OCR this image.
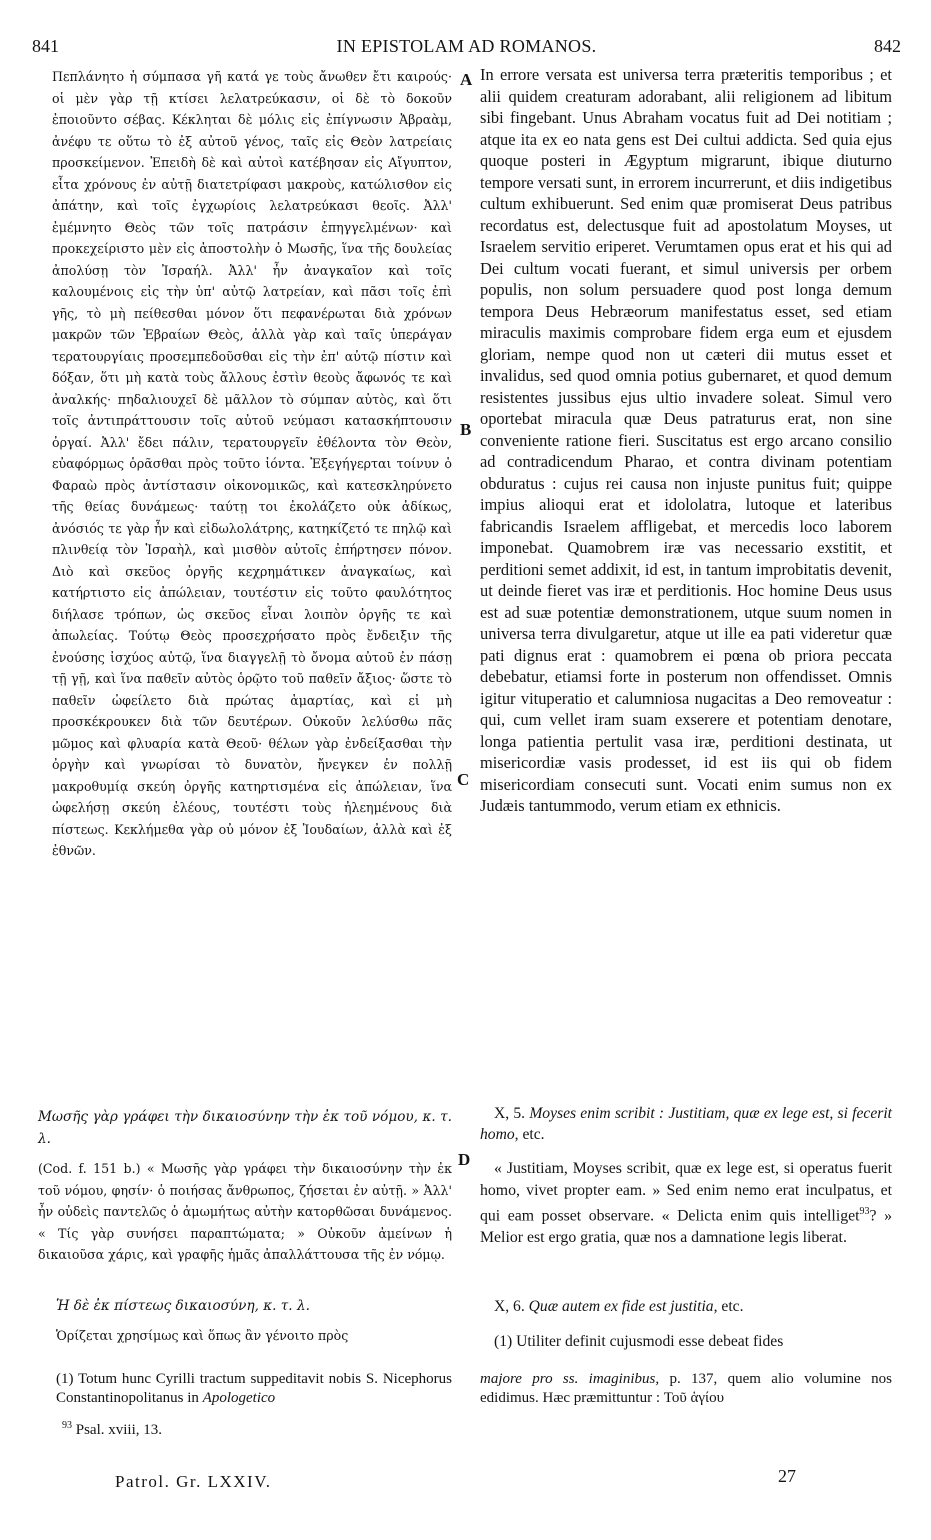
841	IN EPISTOLAM AD ROMANOS.	842
A
B
C
D

Πεπλάνητο ἡ σύμπασα γῆ κατά γε τοὺς ἄνωθεν ἔτι καιρούς· οἱ μὲν γὰρ τῇ κτίσει λελατρεύκασιν, οἱ δὲ τὸ δοκοῦν ἐποιοῦντο σέβας. Κέκληται δὲ μόλις εἰς ἐπίγνωσιν Ἀβραὰμ, ἀνέφυ τε οὕτω τὸ ἐξ αὐτοῦ γένος, ταῖς εἰς Θεὸν λατρείαις προσκείμενον. Ἐπειδὴ δὲ καὶ αὐτοὶ κατέβησαν εἰς Αἴγυπτον, εἶτα χρόνους ἐν αὐτῇ διατετρίφασι μακροὺς, κατώλισθον εἰς ἀπάτην, καὶ τοῖς ἐγχωρίοις λελατρεύκασι θεοῖς. Ἀλλ' ἐμέμνητο Θεὸς τῶν τοῖς πατράσιν ἐπηγγελμένων· καὶ προκεχείριστο μὲν εἰς ἀποστολὴν ὁ Μωσῆς, ἵνα τῆς δουλείας ἀπολύσῃ τὸν Ἰσραήλ. Ἀλλ' ἦν ἀναγκαῖον καὶ τοῖς καλουμένοις εἰς τὴν ὑπ' αὐτῷ λατρείαν, καὶ πᾶσι τοῖς ἐπὶ γῆς, τὸ μὴ πείθεσθαι μόνον ὅτι πεφανέρωται διὰ χρόνων μακρῶν τῶν Ἑβραίων Θεὸς, ἀλλὰ γὰρ καὶ ταῖς ὑπεράγαν τερατουργίαις προσεμπεδοῦσθαι εἰς τὴν ἐπ' αὐτῷ πίστιν καὶ δόξαν, ὅτι μὴ κατὰ τοὺς ἄλλους ἐστὶν θεοὺς ἄφωνός τε καὶ ἀναλκής· πηδαλιουχεῖ δὲ μᾶλλον τὸ σύμπαν αὐτὸς, καὶ ὅτι τοῖς ἀντιπράττουσιν τοῖς αὐτοῦ νεύμασι κατασκήπτουσιν ὀργαί. Ἀλλ' ἔδει πάλιν, τερατουργεῖν ἐθέλοντα τὸν Θεὸν, εὐαφόρμως ὁρᾶσθαι πρὸς τοῦτο ἰόντα. Ἐξεγήγερται τοίνυν ὁ Φαραὼ πρὸς ἀντίστασιν οἰκονομικῶς, καὶ κατεσκληρύνετο τῆς θείας δυνάμεως· ταύτῃ τοι ἐκολάζετο οὐκ ἀδίκως, ἀνόσιός τε γὰρ ἦν καὶ εἰδωλολάτρης, κατηκίζετό τε πηλῷ καὶ πλινθείᾳ τὸν Ἰσραὴλ, καὶ μισθὸν αὐτοῖς ἐπήρτησεν πόνον. Διὸ καὶ σκεῦος ὀργῆς κεχρημάτικεν ἀναγκαίως, καὶ κατήρτιστο εἰς ἀπώλειαν, τουτέστιν εἰς τοῦτο φαυλότητος διήλασε τρόπων, ὡς σκεῦος εἶναι λοιπὸν ὀργῆς τε καὶ ἀπωλείας. Τούτῳ Θεὸς προσεχρήσατο πρὸς ἔνδειξιν τῆς ἐνούσης ἰσχύος αὐτῷ, ἵνα διαγγελῇ τὸ ὄνομα αὐτοῦ ἐν πάσῃ τῇ γῇ, καὶ ἵνα παθεῖν αὐτὸς ὁρῷτο τοῦ παθεῖν ἄξιος· ὥστε τὸ παθεῖν ὠφείλετο διὰ πρώτας ἁμαρτίας, καὶ εἰ μὴ προσκέκρουκεν διὰ τῶν δευτέρων. Οὐκοῦν λελύσθω πᾶς μῶμος καὶ φλυαρία κατὰ Θεοῦ· θέλων γὰρ ἐνδείξασθαι τὴν ὀργὴν καὶ γνωρίσαι τὸ δυνατὸν, ἤνεγκεν ἐν πολλῇ μακροθυμίᾳ σκεύη ὀργῆς κατηρτισμένα εἰς ἀπώλειαν, ἵνα ὠφελήσῃ σκεύη ἐλέους, τουτέστι τοὺς ἠλεημένους διὰ πίστεως. Κεκλήμεθα γὰρ οὐ μόνον ἐξ Ἰουδαίων, ἀλλὰ καὶ ἐξ ἐθνῶν.

Μωσῆς γὰρ γράφει τὴν δικαιοσύνην τὴν ἐκ τοῦ νόμου, κ. τ. λ.

(Cod. f. 151 b.) « Μωσῆς γὰρ γράφει τὴν δικαιοσύνην τὴν ἐκ τοῦ νόμου, φησίν· ὁ ποιήσας ἄνθρωπος, ζήσεται ἐν αὐτῇ. » Ἀλλ' ἦν οὐδεὶς παντελῶς ὁ ἀμωμήτως αὐτὴν κατορθῶσαι δυνάμενος. « Τίς γὰρ συνήσει παραπτώματα; » Οὐκοῦν ἀμείνων ἡ δικαιοῦσα χάρις, καὶ γραφῆς ἡμᾶς ἀπαλλάττουσα τῆς ἐν νόμῳ.

Ἡ δὲ ἐκ πίστεως δικαιοσύνη, κ. τ. λ.

Ὁρίζεται χρησίμως καὶ ὅπως ἂν γένοιτο πρὸς

In errore versata est universa terra præteritis temporibus ; et alii quidem creaturam adorabant, alii religionem ad libitum sibi fingebant. Unus Abraham vocatus fuit ad Dei notitiam ; atque ita ex eo nata gens est Dei cultui addicta. Sed quia ejus quoque posteri in Ægyptum migrarunt, ibique diuturno tempore versati sunt, in errorem incurrerunt, et diis indigetibus cultum exhibuerunt. Sed enim quæ promiserat Deus patribus recordatus est, delectusque fuit ad apostolatum Moyses, ut Israelem servitio eriperet. Verumtamen opus erat et his qui ad Dei cultum vocati fuerant, et simul universis per orbem populis, non solum persuadere quod post longa demum tempora Deus Hebræorum manifestatus esset, sed etiam miraculis maximis comprobare fidem erga eum et ejusdem gloriam, nempe quod non ut cæteri dii mutus esset et invalidus, sed quod omnia potius gubernaret, et quod demum resistentes jussibus ejus ultio invadere soleat. Simul vero oportebat miracula quæ Deus patraturus erat, non sine conveniente ratione fieri. Suscitatus est ergo arcano consilio ad contradicendum Pharao, et contra divinam potentiam obduratus : cujus rei causa non injuste punitus fuit; quippe impius alioqui erat et idololatra, lutoque et lateribus fabricandis Israelem affligebat, et mercedis loco laborem imponebat. Quamobrem iræ vas necessario exstitit, et perditioni semet addixit, id est, in tantum improbitatis devenit, ut deinde fieret vas iræ et perditionis. Hoc homine Deus usus est ad suæ potentiæ demonstrationem, utque suum nomen in universa terra divulgaretur, atque ut ille ea pati videretur quæ pati dignus erat : quamobrem ei pœna ob priora peccata debebatur, etiamsi forte in posterum non offendisset. Omnis igitur vituperatio et calumniosa nugacitas a Deo removeatur : qui, cum vellet iram suam exserere et potentiam denotare, longa patientia pertulit vasa iræ, perditioni destinata, ut misericordiæ vasis prodesset, id est iis qui ob fidem misericordiam consecuti sunt. Vocati enim sumus non ex Judæis tantummodo, verum etiam ex ethnicis.

X, 5. Moyses enim scribit : Justitiam, quæ ex lege est, si fecerit homo, etc.

« Justitiam, Moyses scribit, quæ ex lege est, si operatus fuerit homo, vivet propter eam. » Sed enim nemo erat inculpatus, et qui eam posset observare. « Delicta enim quis intelliget$^{93}$? » Melior est ergo gratia, quæ nos a damnatione legis liberat.

X, 6. Quæ autem ex fide est justitia, etc.

(1) Utiliter definit cujusmodi esse debeat fides

(1) Totum hunc Cyrilli tractum suppeditavit nobis S. Nicephorus Constantinopolitanus in Apologetico

majore pro ss. imaginibus, p. 137, quem alio volumine nos edidimus. Hæc præmittuntur : Τοῦ ἁγίου

$^{93}$ Psal. xviii, 13.
Patrol. Gr. LXXIV.	27
